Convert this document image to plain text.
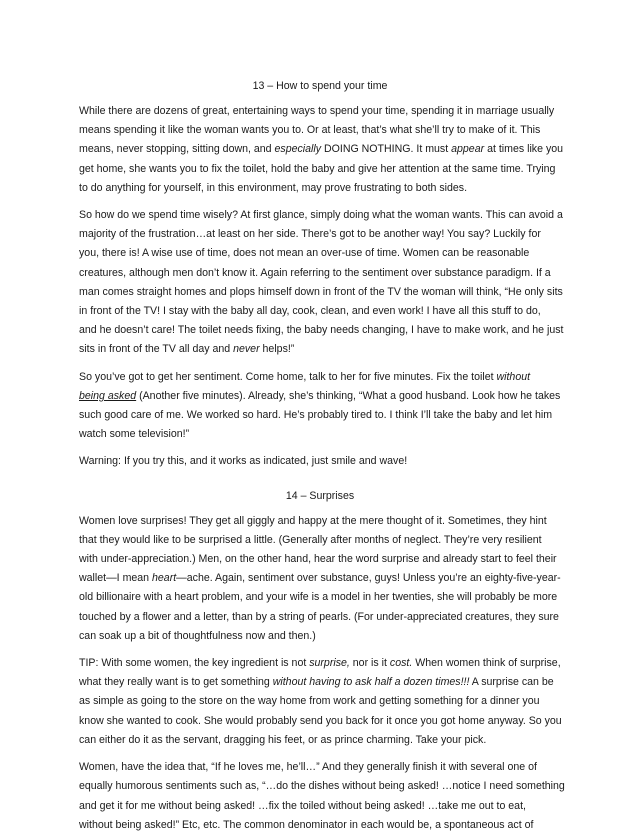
13 – How to spend your time
While there are dozens of great, entertaining ways to spend your time, spending it in marriage usually
means spending it like the woman wants you to. Or at least, that’s what she’ll try to make of it. This
means, never stopping, sitting down, and especially DOING NOTHING. It must appear at times like you
get home, she wants you to fix the toilet, hold the baby and give her attention at the same time. Trying
to do anything for yourself, in this environment, may prove frustrating to both sides.
So how do we spend time wisely? At first glance, simply doing what the woman wants. This can avoid a
majority of the frustration…at least on her side. There’s got to be another way! You say? Luckily for
you, there is! A wise use of time, does not mean an over-use of time. Women can be reasonable
creatures, although men don’t know it. Again referring to the sentiment over substance paradigm. If a
man comes straight homes and plops himself down in front of the TV the woman will think, “He only sits
in front of the TV! I stay with the baby all day, cook, clean, and even work! I have all this stuff to do,
and he doesn’t care! The toilet needs fixing, the baby needs changing, I have to make work, and he just
sits in front of the TV all day and never helps!”
So you’ve got to get her sentiment. Come home, talk to her for five minutes. Fix the toilet without
being asked (Another five minutes). Already, she’s thinking, “What a good husband. Look how he takes
such good care of me. We worked so hard. He’s probably tired to. I think I’ll take the baby and let him
watch some television!”
Warning: If you try this, and it works as indicated, just smile and wave!
14 – Surprises
Women love surprises! They get all giggly and happy at the mere thought of it. Sometimes, they hint
that they would like to be surprised a little. (Generally after months of neglect. They’re very resilient
with under-appreciation.) Men, on the other hand, hear the word surprise and already start to feel their
wallet—I mean heart—ache. Again, sentiment over substance, guys! Unless you’re an eighty-five-year-
old billionaire with a heart problem, and your wife is a model in her twenties, she will probably be more
touched by a flower and a letter, than by a string of pearls. (For under-appreciated creatures, they sure
can soak up a bit of thoughtfulness now and then.)
TIP: With some women, the key ingredient is not surprise, nor is it cost. When women think of surprise,
what they really want is to get something without having to ask half a dozen times!!! A surprise can be
as simple as going to the store on the way home from work and getting something for a dinner you
know she wanted to cook. She would probably send you back for it once you got home anyway. So you
can either do it as the servant, dragging his feet, or as prince charming. Take your pick.
Women, have the idea that, “If he loves me, he’ll…” And they generally finish it with several one of
equally humorous sentiments such as, “…do the dishes without being asked! …notice I need something
and get it for me without being asked! …fix the toiled without being asked! …take me out to eat,
without being asked!” Etc, etc. The common denominator in each would be, a spontaneous act of
